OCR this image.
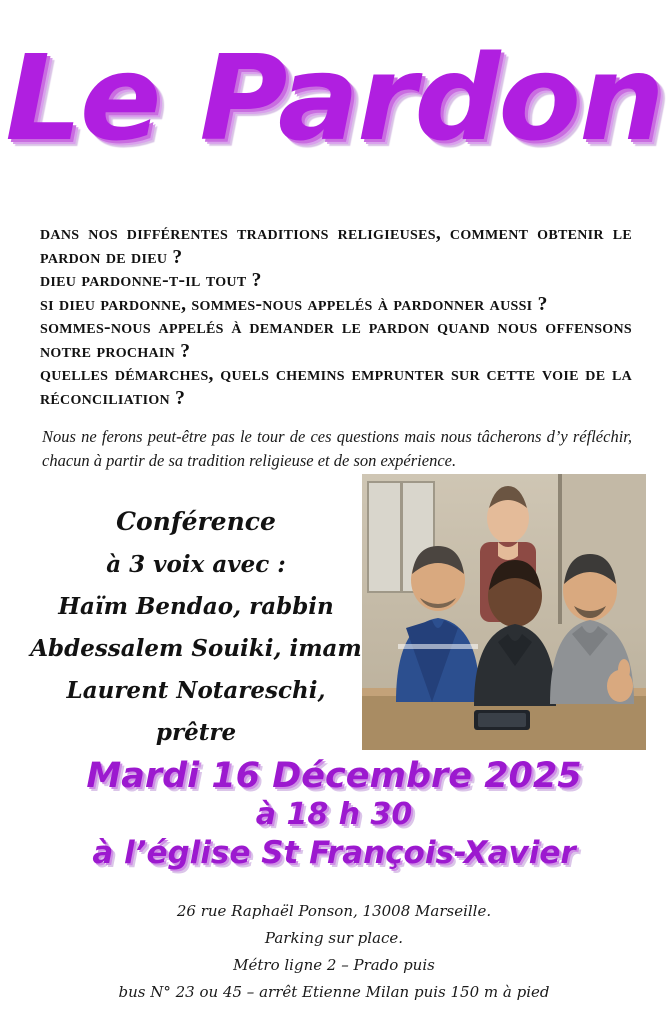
Le Pardon

dans nos différentes traditions religieuses, comment obtenir le pardon de dieu ?

dieu pardonne-t-il tout ?

si dieu pardonne, sommes-nous appelés à pardonner aussi ?

sommes-nous appelés à demander le pardon quand nous offensons notre prochain ?

quelles démarches, quels chemins emprunter sur cette voie de la réconciliation ?

Nous ne ferons peut-être pas le tour de ces questions mais nous tâcherons d’y réfléchir, chacun à partir de sa tradition religieuse et de son expérience.
Conférence
à 3 voix avec :
Haïm Bendao, rabbin
Abdessalem Souiki, imam
Laurent Notareschi, prêtre
Mardi 16 Décembre 2025
à 18 h 30
à l’église St François-Xavier
26 rue Raphaël Ponson, 13008 Marseille.
Parking sur place.
Métro ligne 2 – Prado puis
bus N° 23 ou 45 – arrêt Etienne Milan puis 150 m à pied
